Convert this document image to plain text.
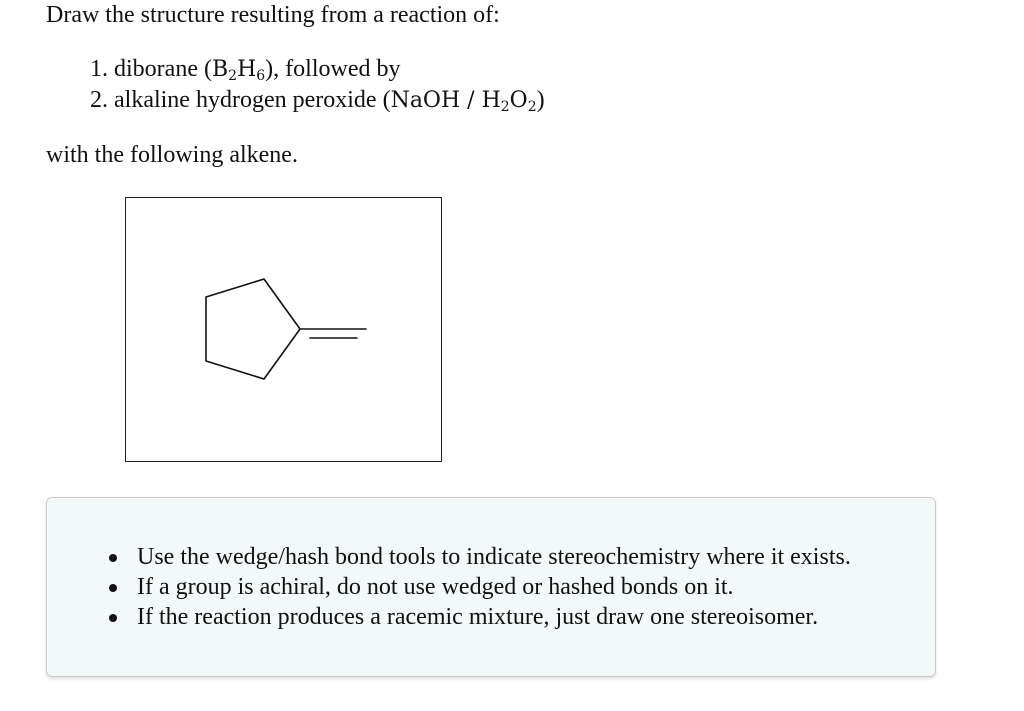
Draw the structure resulting from a reaction of:
1. diborane $(B_2H_6)$, followed by
2. alkaline hydrogen peroxide (NaOH / $H_2O_2$)
with the following alkene.
Use the wedge/hash bond tools to indicate stereochemistry where it exists.
If a group is achiral, do not use wedged or hashed bonds on it.
If the reaction produces a racemic mixture, just draw one stereoisomer.
